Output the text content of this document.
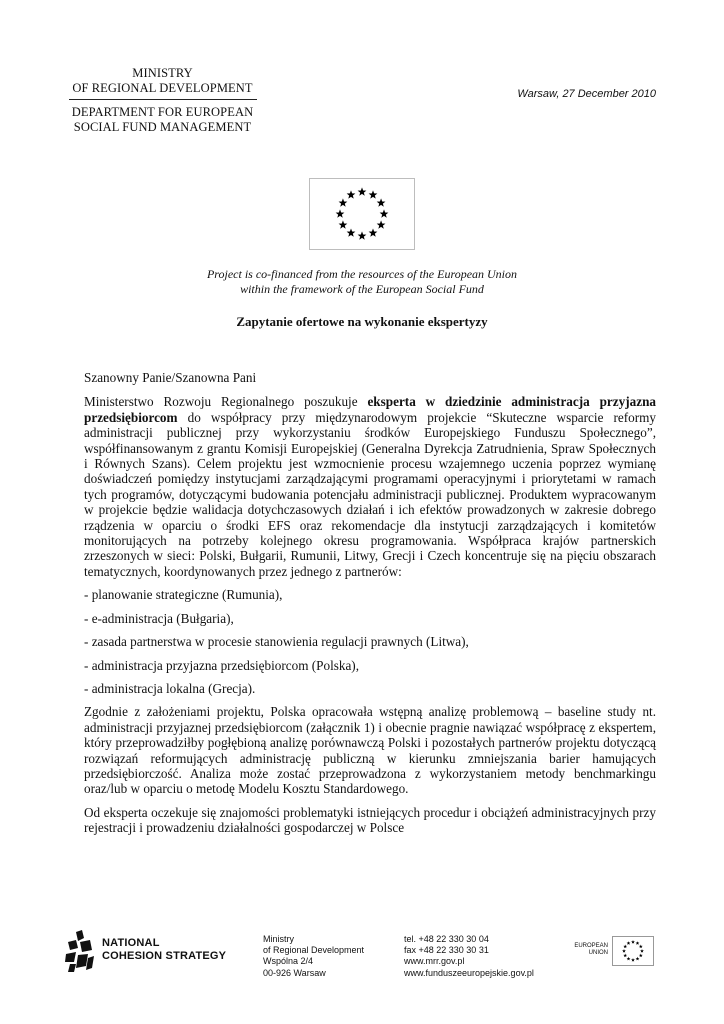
MINISTRY
OF REGIONAL DEVELOPMENT
DEPARTMENT FOR EUROPEAN
SOCIAL FUND MANAGEMENT
Warsaw, 27 December 2010
Project is co-financed from the resources of the European Union
within the framework of the European Social Fund
Zapytanie ofertowe na wykonanie ekspertyzy

Szanowny Panie/Szanowna Pani

Ministerstwo Rozwoju Regionalnego poszukuje eksperta w dziedzinie administracja przyjazna przedsiębiorcom do współpracy przy międzynarodowym projekcie “Skuteczne wsparcie reformy administracji publicznej przy wykorzystaniu środków Europejskiego Funduszu Społecznego”, współfinansowanym z grantu Komisji Europejskiej (Generalna Dyrekcja Zatrudnienia, Spraw Społecznych i Równych Szans). Celem projektu jest wzmocnienie procesu wzajemnego uczenia poprzez wymianę doświadczeń pomiędzy instytucjami zarządzającymi programami operacyjnymi i priorytetami w ramach tych programów, dotyczącymi budowania potencjału administracji publicznej. Produktem wypracowanym w projekcie będzie walidacja dotychczasowych działań i ich efektów prowadzonych w zakresie dobrego rządzenia w oparciu o środki EFS oraz rekomendacje dla instytucji zarządzających i komitetów monitorujących na potrzeby kolejnego okresu programowania. Współpraca krajów partnerskich zrzeszonych w sieci: Polski, Bułgarii, Rumunii, Litwy, Grecji i Czech koncentruje się na pięciu obszarach tematycznych, koordynowanych przez jednego z partnerów:

- planowanie strategiczne (Rumunia),

- e-administracja (Bułgaria),

- zasada partnerstwa w procesie stanowienia regulacji prawnych (Litwa),

- administracja przyjazna przedsiębiorcom (Polska),

- administracja lokalna (Grecja).

Zgodnie z założeniami projektu, Polska opracowała wstępną analizę problemową – baseline study nt. administracji przyjaznej przedsiębiorcom (załącznik 1) i obecnie pragnie nawiązać współpracę z ekspertem, który przeprowadziłby pogłębioną analizę porównawczą Polski i pozostałych partnerów projektu dotyczącą rozwiązań reformujących administrację publiczną w kierunku zmniejszania barier hamujących przedsiębiorczość. Analiza może zostać przeprowadzona z wykorzystaniem metody benchmarkingu oraz/lub w oparciu o metodę Modelu Kosztu Standardowego.

Od eksperta oczekuje się znajomości problematyki istniejących procedur i obciążeń administracyjnych przy rejestracji i prowadzeniu działalności gospodarczej w Polsce

NATIONAL
COHESION STRATEGY
Ministry
of Regional Development
Wspólna 2/4
00-926 Warsaw
tel. +48 22 330 30 04
fax +48 22 330 30 31
www.mrr.gov.pl
www.funduszeeuropejskie.gov.pl
EUROPEAN
UNION
